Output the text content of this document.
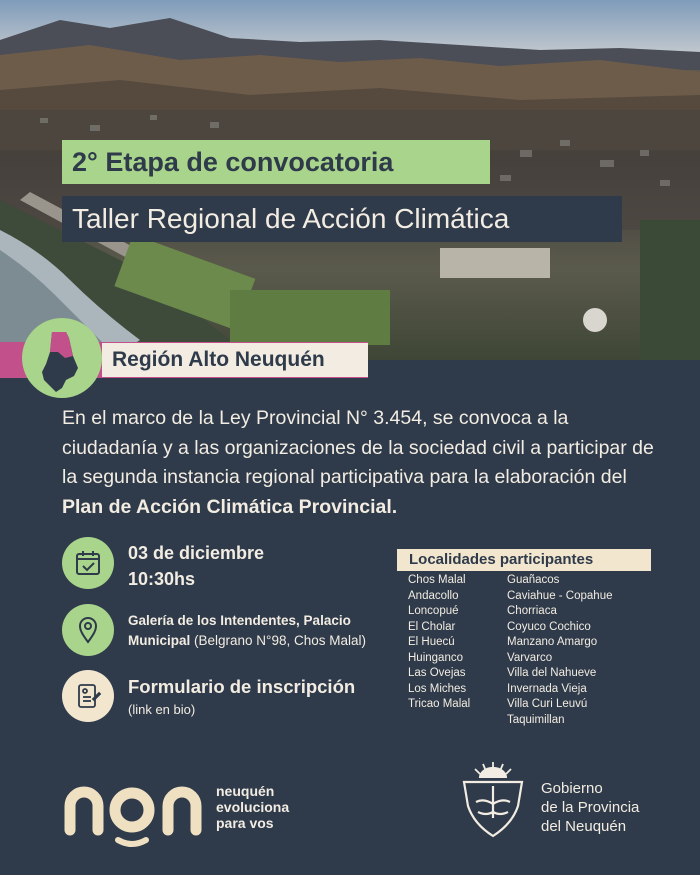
2° Etapa de convocatoria
Taller Regional de Acción Climática
Región Alto Neuquén

En el marco de la Ley Provincial N° 3.454, se convoca a la ciudadanía y a las organizaciones de la sociedad civil a participar de la segunda instancia regional participativa para la elaboración del Plan de Acción Climática Provincial.

03 de diciembre
10:30hs
Galería de los Intendentes, Palacio Municipal (Belgrano N°98, Chos Malal)
Formulario de inscripción
(link en bio)
Localidades participantes
Chos Malal
Andacollo
Loncopué
El Cholar
El Huecú
Huinganco
Las Ovejas
Los Miches
Tricao Malal
Guañacos
Caviahue - Copahue
Chorriaca
Coyuco Cochico
Manzano Amargo
Varvarco
Villa del Nahueve
Invernada Vieja
Villa Curi Leuvú
Taquimillan
neuquén
evoluciona
para vos
Gobierno
de la Provincia
del Neuquén
